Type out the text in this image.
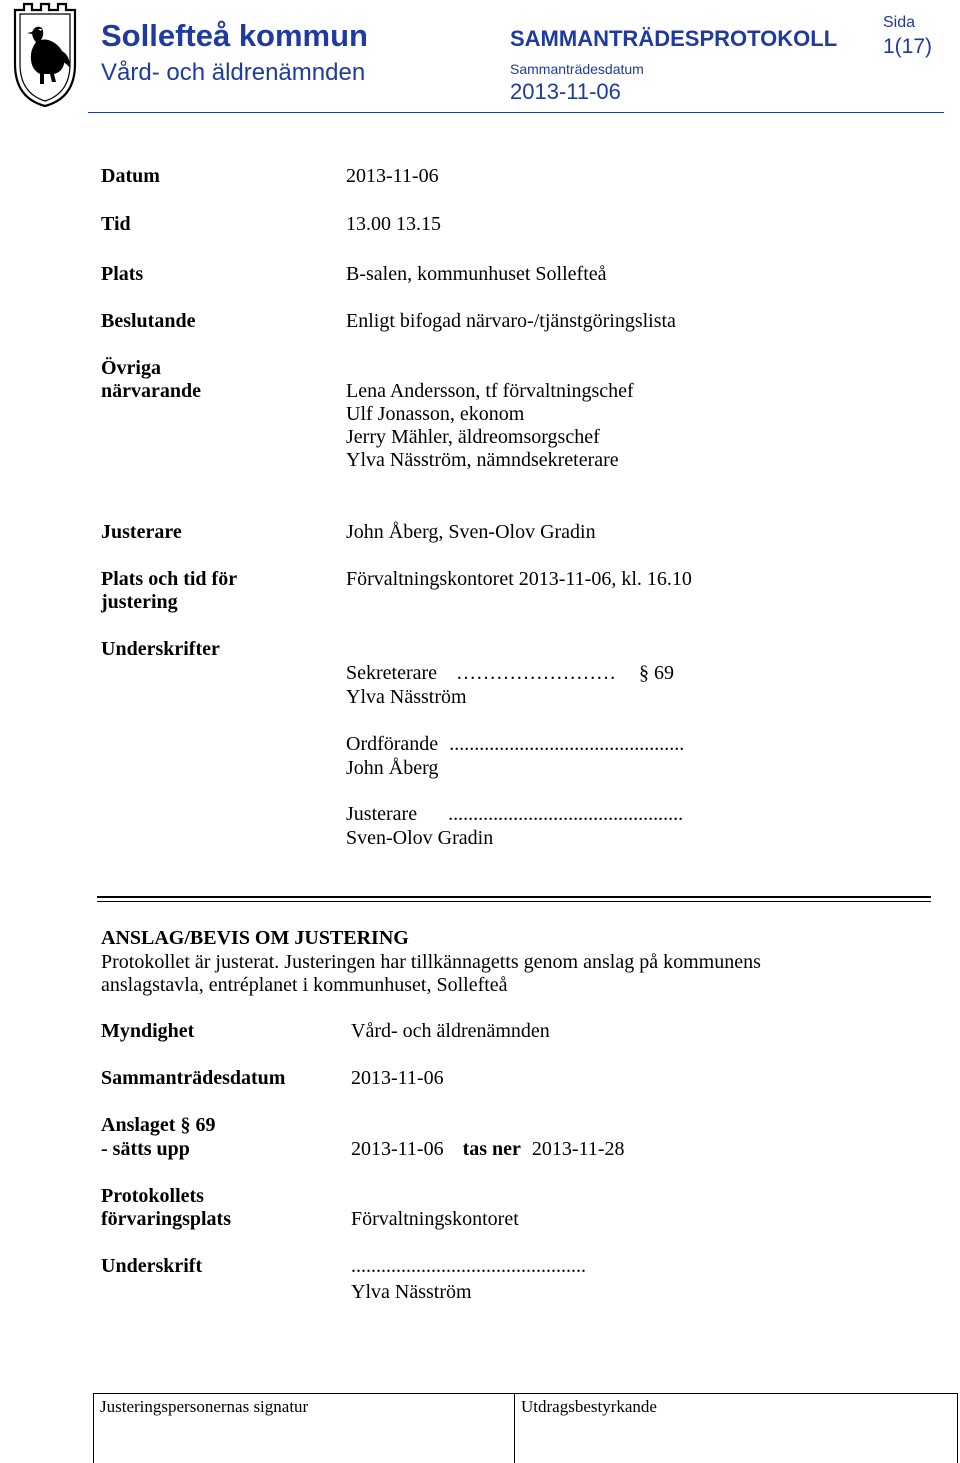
Sollefteå kommun
Vård- och äldrenämnden
SAMMANTRÄDESPROTOKOLL
Sammanträdesdatum
2013-11-06
Sida
1(17)
Datum	2013-11-06
Tid	13.00 13.15
Plats	B-salen, kommunhuset Sollefteå
Beslutande	Enligt bifogad närvaro-/tjänstgöringslista
Övriga
närvarande	Lena Andersson, tf förvaltningschef
Ulf Jonasson, ekonom
Jerry Mähler, äldreomsorgschef
Ylva Näsström, nämndsekreterare
Justerare	John Åberg, Sven-Olov Gradin
Plats och tid för
justering
Förvaltningskontoret 2013-11-06, kl. 16.10
Underskrifter
Sekreterare …………………… § 69
Ylva Näsström
Ordförande ...............................................
John Åberg
Justerare ...............................................
Sven-Olov Gradin
ANSLAG/BEVIS OM JUSTERING
Protokollet är justerat. Justeringen har tillkännagetts genom anslag på kommunens
anslagstavla, entréplanet i kommunhuset, Sollefteå
Myndighet	Vård- och äldrenämnden
Sammanträdesdatum	2013-11-06
Anslaget § 69
- sätts upp	2013-11-06 tas ner 2013-11-28
Protokollets
förvaringsplats	Förvaltningskontoret
Underskrift	...............................................
Ylva Näsström
Justeringspersonernas signatur	Utdragsbestyrkande
